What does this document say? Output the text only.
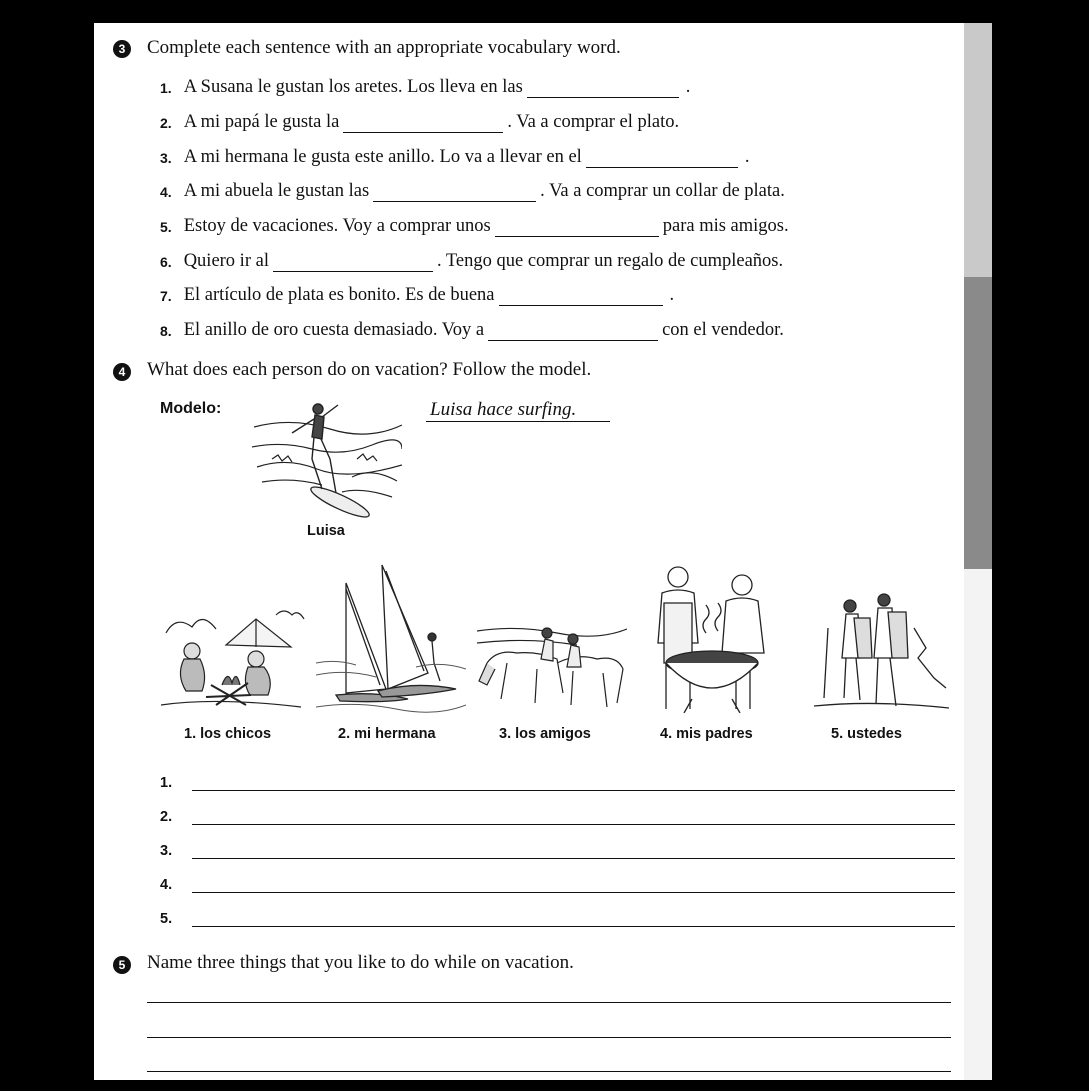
3 Complete each sentence with an appropriate vocabulary word.
1. A Susana le gustan los aretes. Los lleva en las	.
2. A mi papá le gusta la	. Va a comprar el plato.
3. A mi hermana le gusta este anillo. Lo va a llevar en el	.
4. A mi abuela le gustan las	. Va a comprar un collar de plata.
5. Estoy de vacaciones. Voy a comprar unos	para mis amigos.
6. Quiero ir al	. Tengo que comprar un regalo de cumpleaños.
7. El artículo de plata es bonito. Es de buena	.
8. El anillo de oro cuesta demasiado. Voy a	con el vendedor.
4 What does each person do on vacation? Follow the model.
Modelo:
Luisa
Luisa hace surfing.
1. los chicos	2. mi hermana	3. los amigos	4. mis padres	5. ustedes
1.
2.
3.
4.
5.
5 Name three things that you like to do while on vacation.
